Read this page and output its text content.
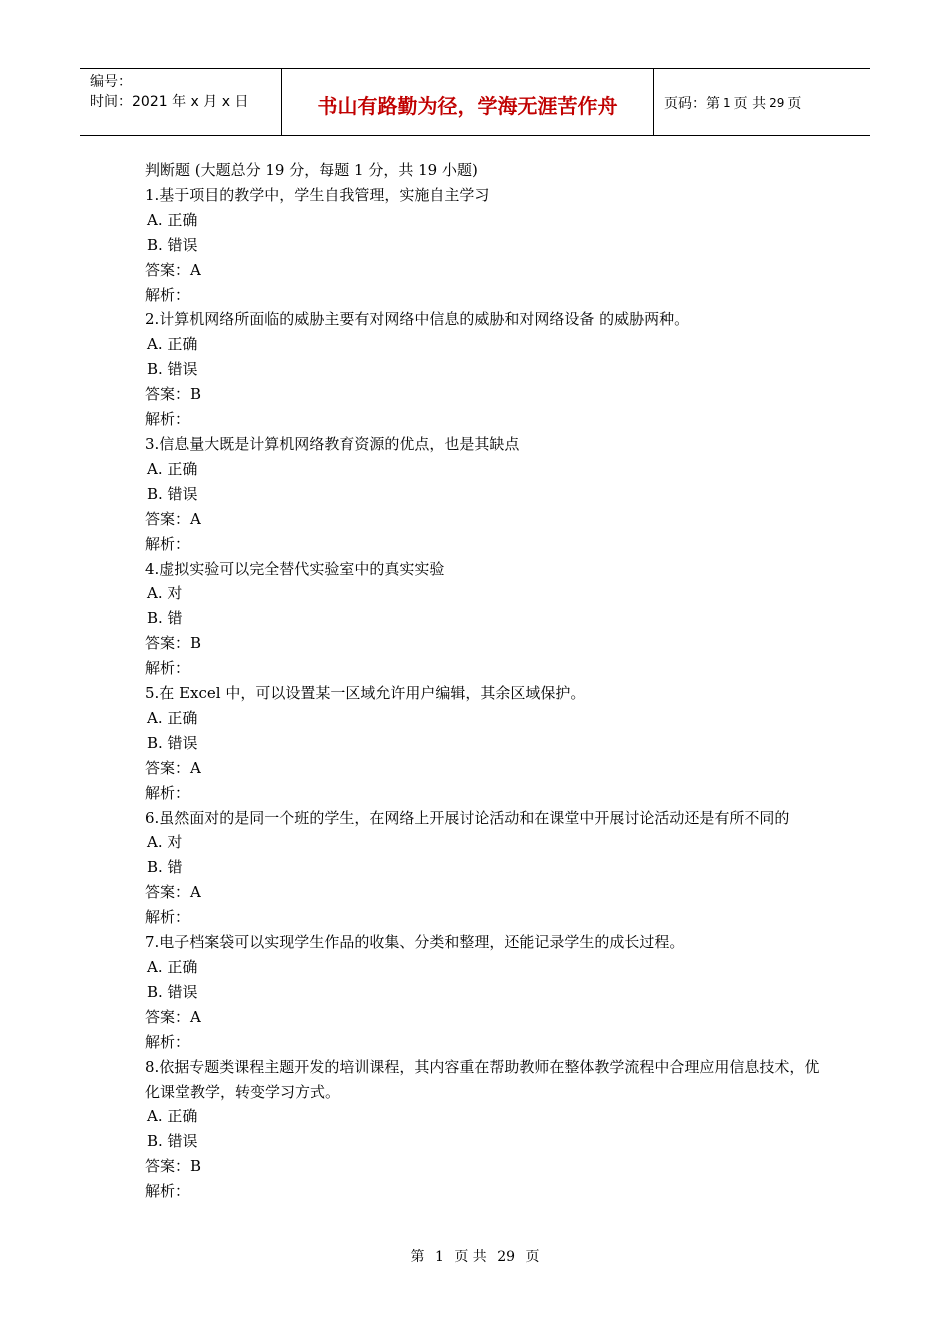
编号：
时间：2021 年 x 月 x 日	书山有路勤为径，学海无涯苦作舟	页码：第 1 页 共 29 页
判断题 (大题总分 19 分，每题 1 分，共 19 小题)
1.基于项目的教学中，学生自我管理，实施自主学习
A. 正确
B. 错误
答案：A
解析：
2.计算机网络所面临的威胁主要有对网络中信息的威胁和对网络设备 的威胁两种。
A. 正确
B. 错误
答案：B
解析：
3.信息量大既是计算机网络教育资源的优点，也是其缺点
A. 正确
B. 错误
答案：A
解析：
4.虚拟实验可以完全替代实验室中的真实实验
A. 对
B. 错
答案：B
解析：
5.在 Excel 中，可以设置某一区域允许用户编辑，其余区域保护。
A. 正确
B. 错误
答案：A
解析：
6.虽然面对的是同一个班的学生，在网络上开展讨论活动和在课堂中开展讨论活动还是有所不同的
A. 对
B. 错
答案：A
解析：
7.电子档案袋可以实现学生作品的收集、分类和整理，还能记录学生的成长过程。
A. 正确
B. 错误
答案：A
解析：
8.依据专题类课程主题开发的培训课程，其内容重在帮助教师在整体教学流程中合理应用信息技术，优化课堂教学，转变学习方式。
A. 正确
B. 错误
答案：B
解析：
第 1 页 共 29 页
